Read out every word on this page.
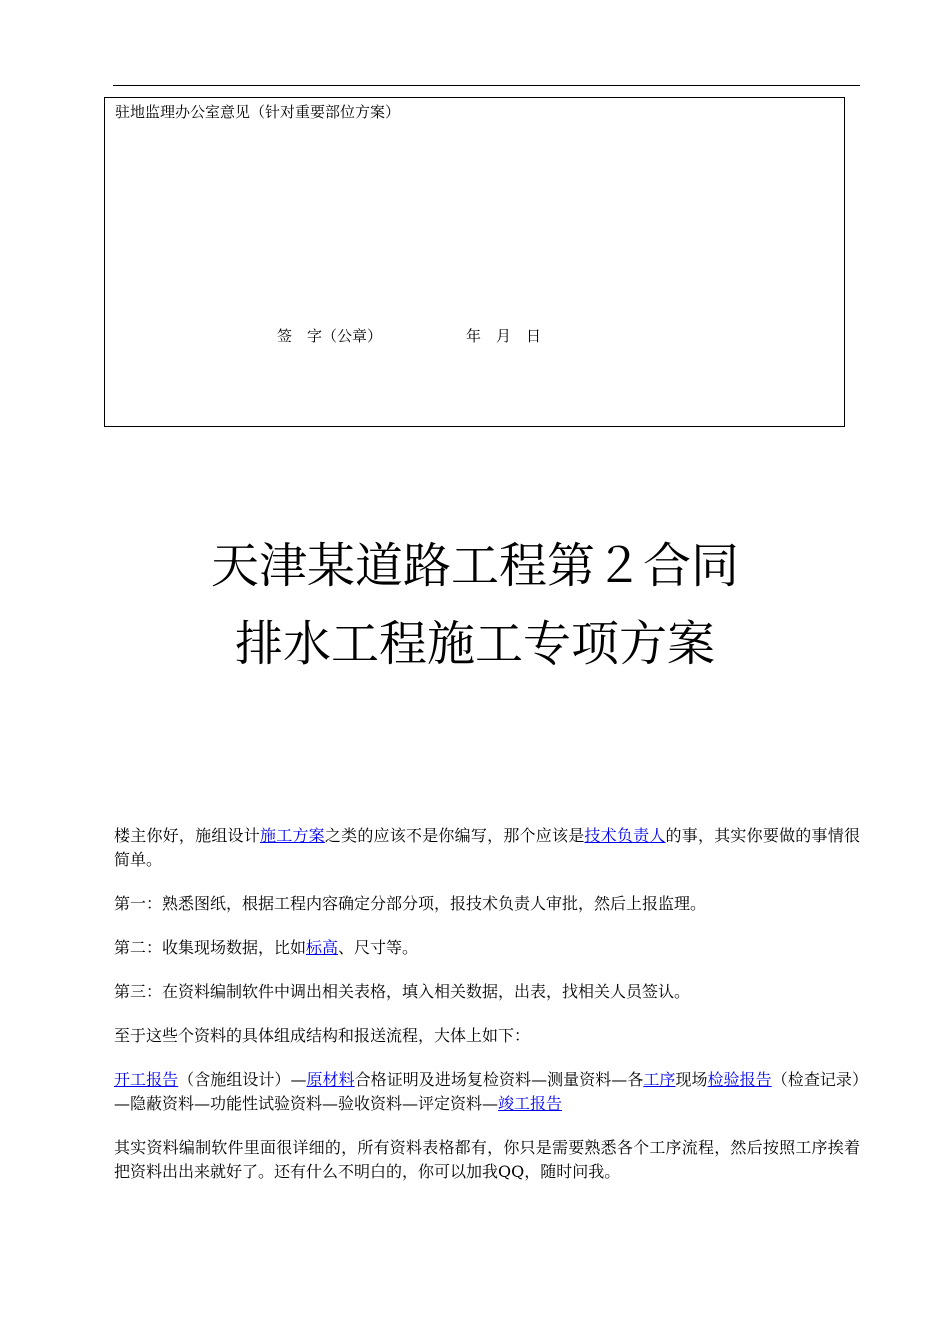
驻地监理办公室意见（针对重要部位方案）
签　字（公章）	年　月　日
天津某道路工程第２合同
排水工程施工专项方案

楼主你好，施组设计施工方案之类的应该不是你编写，那个应该是技术负责人的事，其实你要做的事情很简单。

第一：熟悉图纸，根据工程内容确定分部分项，报技术负责人审批，然后上报监理。

第二：收集现场数据，比如标高、尺寸等。

第三：在资料编制软件中调出相关表格，填入相关数据，出表，找相关人员签认。

至于这些个资料的具体组成结构和报送流程，大体上如下：

开工报告（含施组设计）—原材料合格证明及进场复检资料—测量资料—各工序现场检验报告（检查记录）—隐蔽资料—功能性试验资料—验收资料—评定资料—竣工报告

其实资料编制软件里面很详细的，所有资料表格都有，你只是需要熟悉各个工序流程，然后按照工序挨着把资料出出来就好了。还有什么不明白的，你可以加我QQ，随时问我。
